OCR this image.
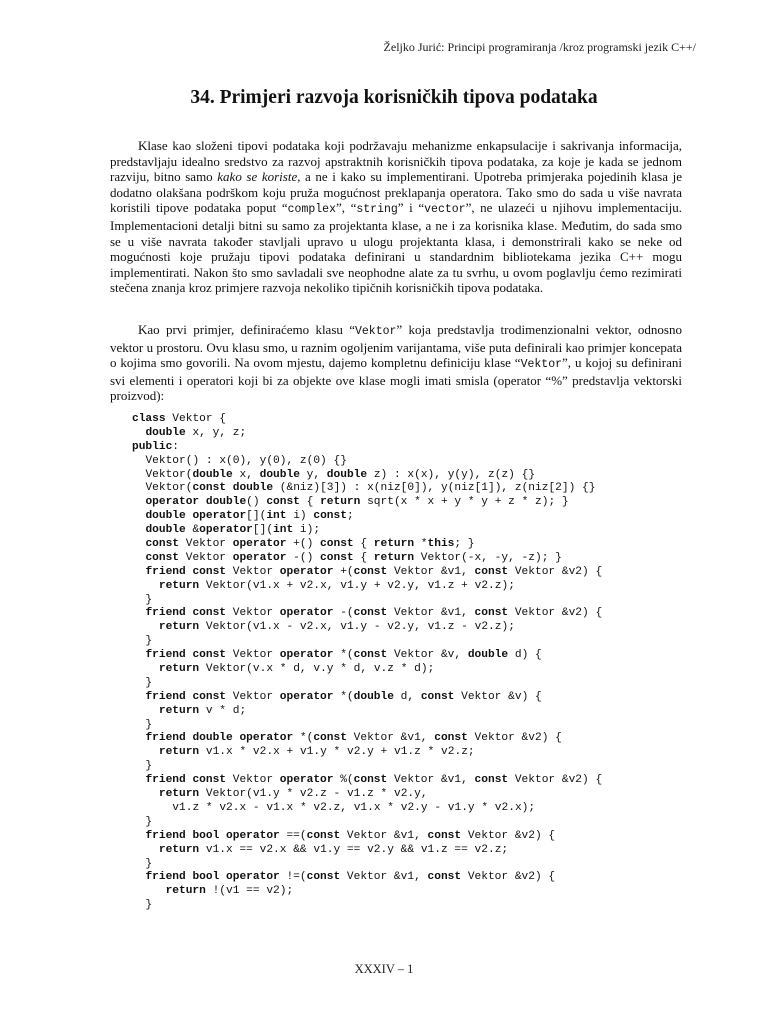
Željko Jurić: Principi programiranja /kroz programski jezik C++/
34. Primjeri razvoja korisničkih tipova podataka
Klase kao složeni tipovi podataka koji podržavaju mehanizme enkapsulacije i sakrivanja informacija, predstavljaju idealno sredstvo za razvoj apstraktnih korisničkih tipova podataka, za koje je kada se jednom razviju, bitno samo kako se koriste, a ne i kako su implementirani. Upotreba primjeraka pojedinih klasa je dodatno olakšana podrškom koju pruža mogućnost preklapanja operatora. Tako smo do sada u više navrata koristili tipove podataka poput “complex”, “string” i “vector”, ne ulazeći u njihovu implementaciju. Implementacioni detalji bitni su samo za projektanta klase, a ne i za korisnika klase. Međutim, do sada smo se u više navrata također stavljali upravo u ulogu projektanta klasa, i demonstrirali kako se neke od mogućnosti koje pružaju tipovi podataka definirani u standardnim bibliotekama jezika C++ mogu implementirati. Nakon što smo savladali sve neophodne alate za tu svrhu, u ovom poglavlju ćemo rezimirati stečena znanja kroz primjere razvoja nekoliko tipičnih korisničkih tipova podataka.
Kao prvi primjer, definiraćemo klasu “Vektor” koja predstavlja trodimenzionalni vektor, odnosno vektor u prostoru. Ovu klasu smo, u raznim ogoljenim varijantama, više puta definirali kao primjer koncepata o kojima smo govorili. Na ovom mjestu, dajemo kompletnu definiciju klase “Vektor”, u kojoj su definirani svi elementi i operatori koji bi za objekte ove klase mogli imati smisla (operator “%” predstavlja vektorski proizvod):
class Vektor {
double x, y, z;
public:
Vektor() : x(0), y(0), z(0) {}
Vektor(double x, double y, double z) : x(x), y(y), z(z) {}
Vektor(const double (&niz)[3]) : x(niz[0]), y(niz[1]), z(niz[2]) {}
operator double() const { return sqrt(x * x + y * y + z * z); }
double operator[](int i) const;
double &operator[](int i);
const Vektor operator +() const { return *this; }
const Vektor operator -() const { return Vektor(-x, -y, -z); }
friend const Vektor operator +(const Vektor &v1, const Vektor &v2) {
return Vektor(v1.x + v2.x, v1.y + v2.y, v1.z + v2.z);
}
friend const Vektor operator -(const Vektor &v1, const Vektor &v2) {
return Vektor(v1.x - v2.x, v1.y - v2.y, v1.z - v2.z);
}
friend const Vektor operator *(const Vektor &v, double d) {
return Vektor(v.x * d, v.y * d, v.z * d);
}
friend const Vektor operator *(double d, const Vektor &v) {
return v * d;
}
friend double operator *(const Vektor &v1, const Vektor &v2) {
return v1.x * v2.x + v1.y * v2.y + v1.z * v2.z;
}
friend const Vektor operator %(const Vektor &v1, const Vektor &v2) {
return Vektor(v1.y * v2.z - v1.z * v2.y,
v1.z * v2.x - v1.x * v2.z, v1.x * v2.y - v1.y * v2.x);
}
friend bool operator ==(const Vektor &v1, const Vektor &v2) {
return v1.x == v2.x && v1.y == v2.y && v1.z == v2.z;
}
friend bool operator !=(const Vektor &v1, const Vektor &v2) {
return !(v1 == v2);
}
XXXIV – 1
